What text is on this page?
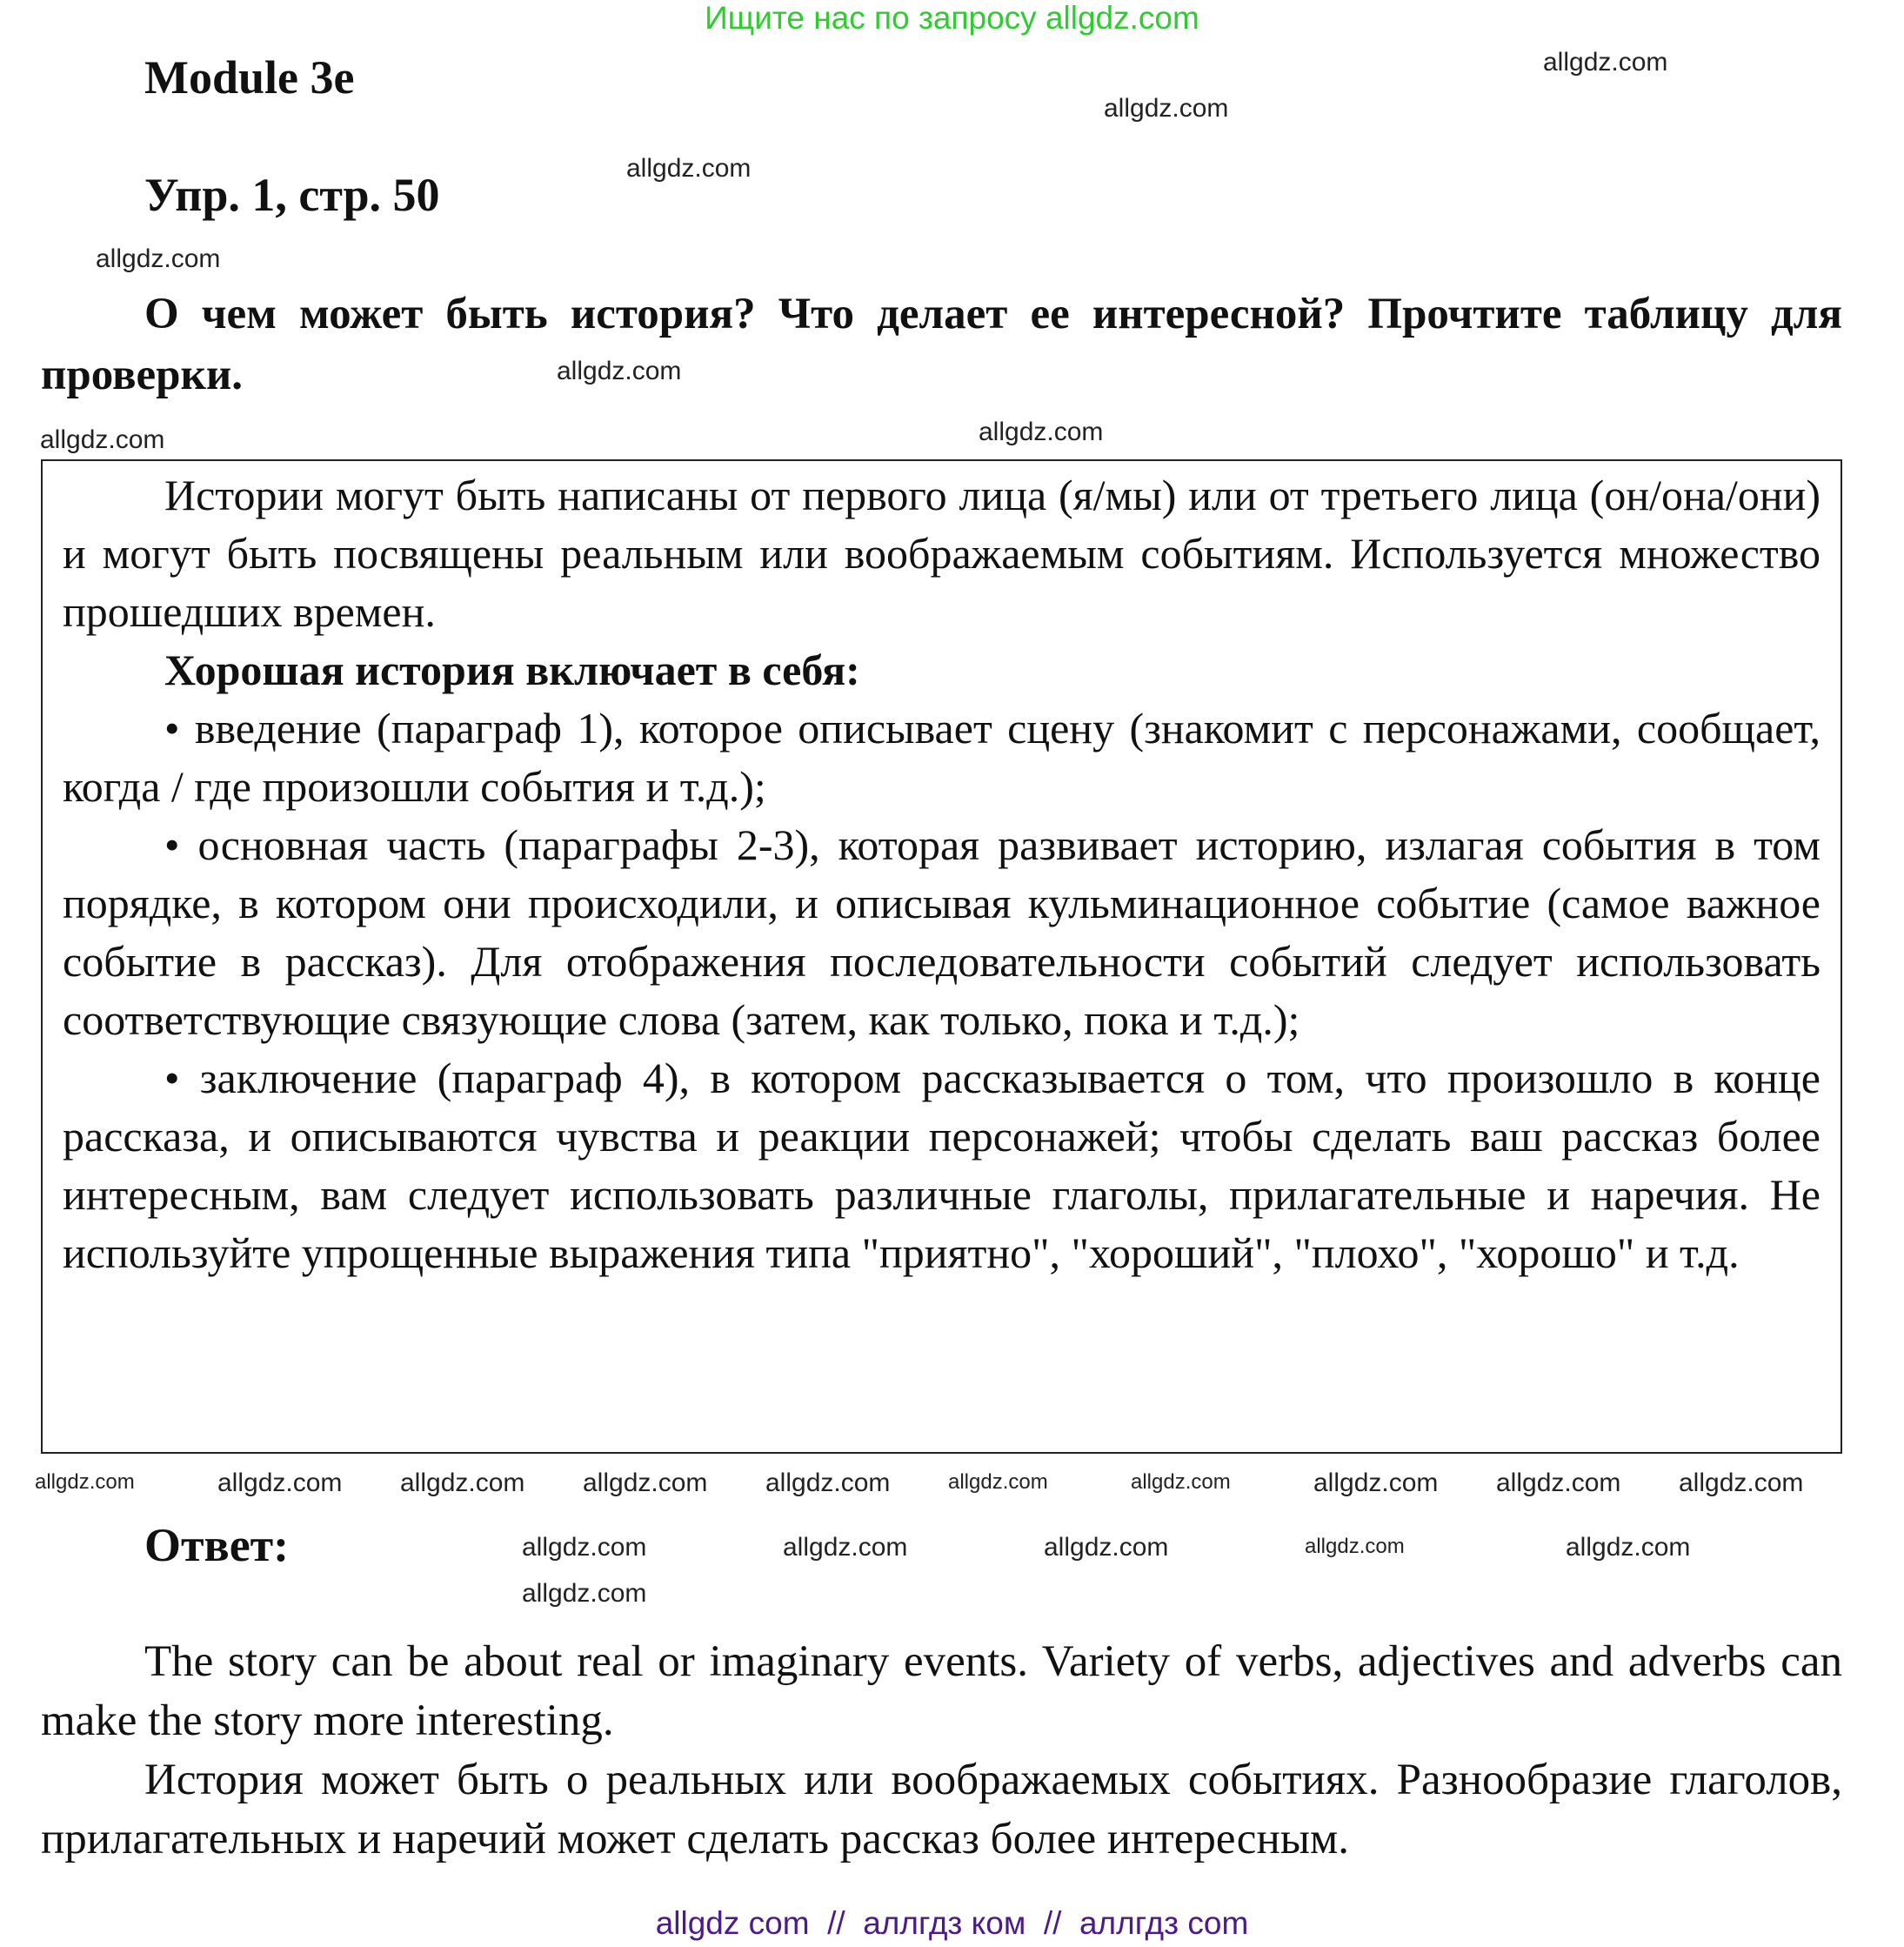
Ищите нас по запросу allgdz.com
Module 3e
Упр. 1, стр. 50
О чем может быть история? Что делает ее интересной? Прочтите таблицу для проверки.

Истории могут быть написаны от первого лица (я/мы) или от третьего лица (он/она/они) и могут быть посвящены реальным или воображаемым событиям. Используется множество прошедших времен.

Хорошая история включает в себя:

• введение (параграф 1), которое описывает сцену (знакомит с персонажами, сообщает, когда / где произошли события и т.д.);

• основная часть (параграфы 2-3), которая развивает историю, излагая события в том порядке, в котором они происходили, и описывая кульминационное событие (самое важное событие в рассказ). Для отображения последовательности событий следует использовать соответствующие связующие слова (затем, как только, пока и т.д.);

• заключение (параграф 4), в котором рассказывается о том, что произошло в конце рассказа, и описываются чувства и реакции персонажей; чтобы сделать ваш рассказ более интересным, вам следует использовать различные глаголы, прилагательные и наречия. Не используйте упрощенные выражения типа "приятно", "хороший", "плохо", "хорошо" и т.д.

Ответ:

The story can be about real or imaginary events. Variety of verbs, adjectives and adverbs can make the story more interesting.

История может быть о реальных или воображаемых событиях. Разнообразие глаголов, прилагательных и наречий может сделать рассказ более интересным.

allgdz com  //  аллгдз ком  //  аллгдз com
allgdz.com
allgdz.com
allgdz.com
allgdz.com
allgdz.com
allgdz.com
allgdz.com
allgdz.com	allgdz.com allgdz.com allgdz.com allgdz.com	allgdz.com	allgdz.com	allgdz.com allgdz.com allgdz.com
allgdz.com	allgdz.com	allgdz.com	allgdz.com	allgdz.com
allgdz.com
